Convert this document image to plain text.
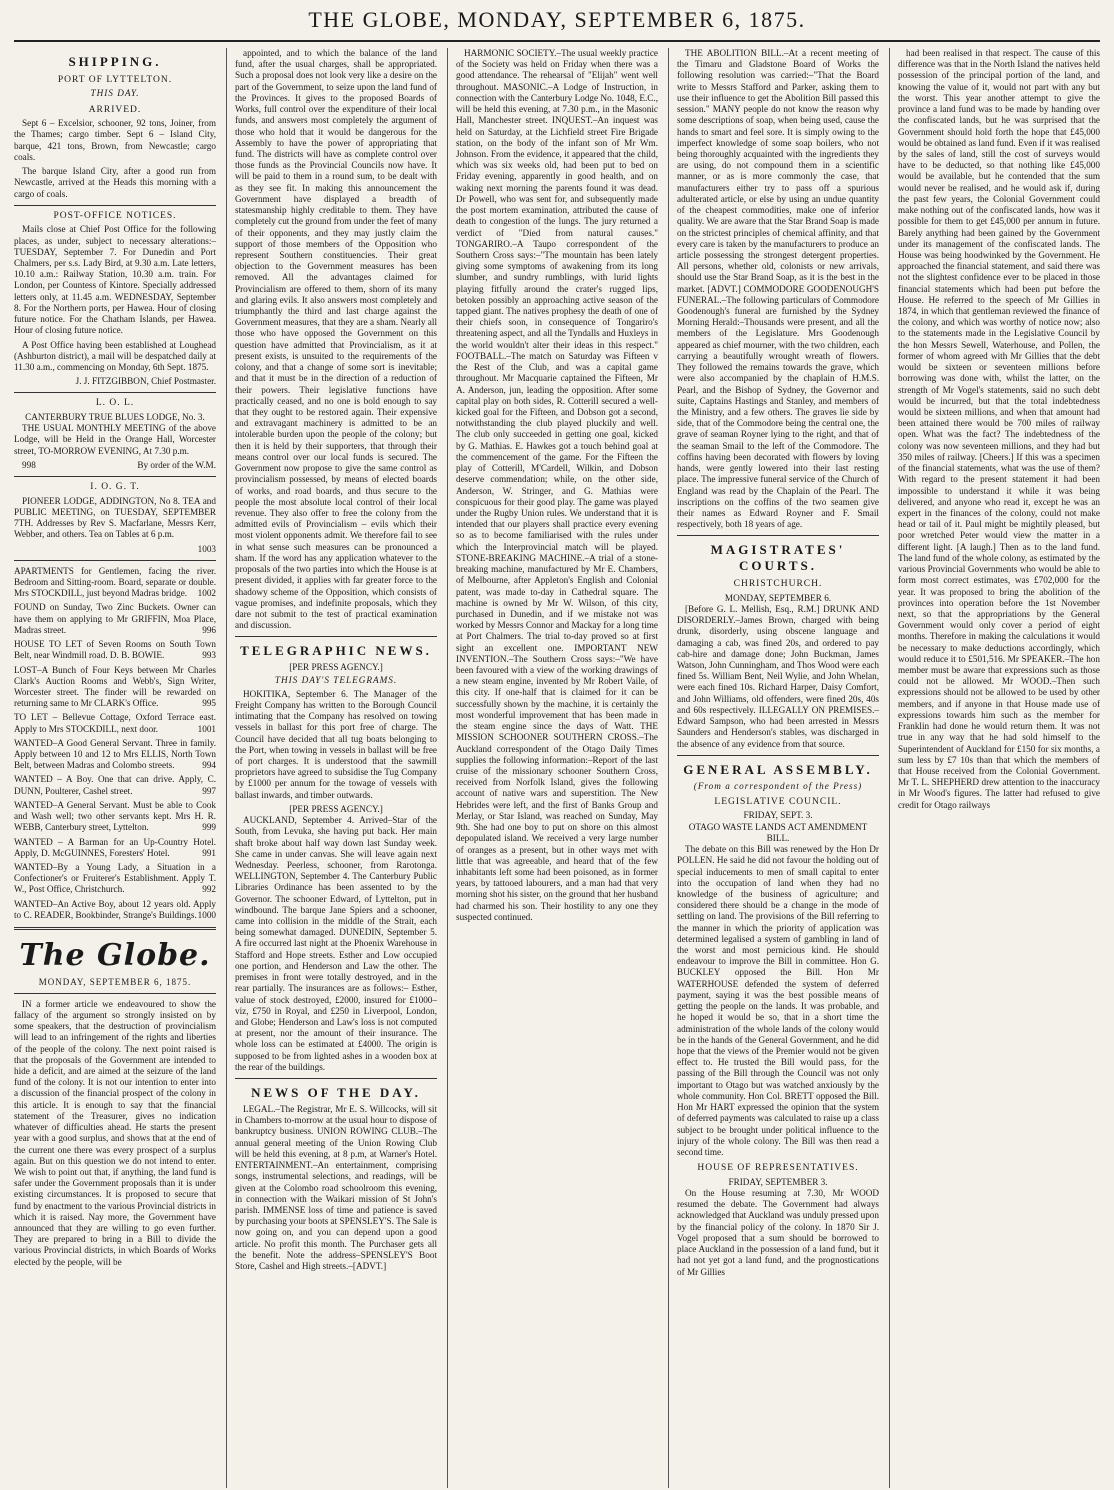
THE GLOBE, MONDAY, SEPTEMBER 6, 1875.
SHIPPING.
PORT OF LYTTELTON.
THIS DAY.
ARRIVED.

Sept 6 – Excelsior, schooner, 92 tons, Joiner, from the Thames; cargo timber. Sept 6 – Island City, barque, 421 tons, Brown, from Newcastle; cargo coals.

The barque Island City, after a good run from Newcastle, arrived at the Heads this morning with a cargo of coals.

POST-OFFICE NOTICES.

Mails close at Chief Post Office for the following places, as under, subject to necessary alterations:– TUESDAY, September 7. For Dunedin and Port Chalmers, per s.s. Lady Bird, at 9.30 a.m. Late letters, 10.10 a.m.: Railway Station, 10.30 a.m. train. For London, per Countess of Kintore. Specially addressed letters only, at 11.45 a.m. WEDNESDAY, September 8. For the Northern ports, per Hawea. Hour of closing future notice. For the Chatham Islands, per Hawea. Hour of closing future notice.

A Post Office having been established at Loughead (Ashburton district), a mail will be despatched daily at 11.30 a.m., commencing on Monday, 6th Sept. 1875.

J. J. FITZGIBBON, Chief Postmaster.

L. O. L.
CANTERBURY TRUE BLUES LODGE, No. 3.

THE USUAL MONTHLY MEETING of the above Lodge, will be Held in the Orange Hall, Worcester street, TO-MORROW EVENING, At 7.30 p.m.

998	By order of the W.M.

I. O. G. T.

PIONEER LODGE, ADDINGTON, No 8. TEA and PUBLIC MEETING, on TUESDAY, SEPTEMBER 7TH. Addresses by Rev S. Macfarlane, Messrs Kerr, Webber, and others. Tea on Tables at 6 p.m.

1003

APARTMENTS for Gentlemen, facing the river. Bedroom and Sitting-room. Board, separate or double. Mrs STOCKDILL, just beyond Madras bridge. 1002

FOUND on Sunday, Two Zinc Buckets. Owner can have them on applying to Mr GRIFFIN, Moa Place, Madras street.	996

HOUSE TO LET of Seven Rooms on South Town Belt, near Windmill road. D. B. BOWIE.	993

LOST–A Bunch of Four Keys between Mr Charles Clark's Auction Rooms and Webb's, Sign Writer, Worcester street. The finder will be rewarded on returning same to Mr CLARK's Office.	995

TO LET – Bellevue Cottage, Oxford Terrace east. Apply to Mrs STOCKDILL, next door.	1001

WANTED–A Good General Servant. Three in family. Apply between 10 and 12 to Mrs ELLIS, North Town Belt, between Madras and Colombo streets.	994

WANTED – A Boy. One that can drive. Apply, C. DUNN, Poulterer, Cashel street.	997

WANTED–A General Servant. Must be able to Cook and Wash well; two other servants kept. Mrs H. R. WEBB, Canterbury street, Lyttelton.	999

WANTED – A Barman for an Up-Country Hotel. Apply, D. McGUINNES, Foresters' Hotel.	991

WANTED–By a Young Lady, a Situation in a Confectioner's or Fruiterer's Establishment. Apply T. W., Post Office, Christchurch.	992

WANTED–An Active Boy, about 12 years old. Apply to C. READER, Bookbinder, Strange's Buildings. 1000

The Globe.
MONDAY, SEPTEMBER 6, 1875.

IN a former article we endeavoured to show the fallacy of the argument so strongly insisted on by some speakers, that the destruction of provincialism will lead to an infringement of the rights and liberties of the people of the colony. The next point raised is that the proposals of the Government are intended to hide a deficit, and are aimed at the seizure of the land fund of the colony. It is not our intention to enter into a discussion of the financial prospect of the colony in this article. It is enough to say that the financial statement of the Treasurer, gives no indication whatever of difficulties ahead. He starts the present year with a good surplus, and shows that at the end of the current one there was every prospect of a surplus again. But on this question we do not intend to enter. We wish to point out that, if anything, the land fund is safer under the Government proposals than it is under existing circumstances. It is proposed to secure that fund by enactment to the various Provincial districts in which it is raised. Nay more, the Government have announced that they are willing to go even further. They are prepared to bring in a Bill to divide the various Provincial districts, in which Boards of Works elected by the people, will be

appointed, and to which the balance of the land fund, after the usual charges, shall be appropriated. Such a proposal does not look very like a desire on the part of the Government, to seize upon the land fund of the Provinces. It gives to the proposed Boards of Works, full control over the expenditure of their local funds, and answers most completely the argument of those who hold that it would be dangerous for the Assembly to have the power of appropriating that fund. The districts will have as complete control over those funds as the Provincial Councils now have. It will be paid to them in a round sum, to be dealt with as they see fit. In making this announcement the Government have displayed a breadth of statesmanship highly creditable to them. They have completely cut the ground from under the feet of many of their opponents, and they may justly claim the support of those members of the Opposition who represent Southern constituencies. Their great objection to the Government measures has been removed. All the advantages claimed for Provincialism are offered to them, shorn of its many and glaring evils. It also answers most completely and triumphantly the third and last charge against the Government measures, that they are a sham. Nearly all those who have opposed the Government on this question have admitted that Provincialism, as it at present exists, is unsuited to the requirements of the colony, and that a change of some sort is inevitable; and that it must be in the direction of a reduction of their powers. Their legislative functions have practically ceased, and no one is bold enough to say that they ought to be restored again. Their expensive and extravagant machinery is admitted to be an intolerable burden upon the people of the colony; but then it is held by their supporters, that through their means control over our local funds is secured. The Government now propose to give the same control as provincialism possessed, by means of elected boards of works, and road boards, and thus secure to the people the most absolute local control of their local revenue. They also offer to free the colony from the admitted evils of Provincialism – evils which their most violent opponents admit. We therefore fail to see in what sense such measures can be pronounced a sham. If the word has any application whatever to the proposals of the two parties into which the House is at present divided, it applies with far greater force to the shadowy scheme of the Opposition, which consists of vague promises, and indefinite proposals, which they dare not submit to the test of practical examination and discussion.

TELEGRAPHIC NEWS.
[PER PRESS AGENCY.]
THIS DAY'S TELEGRAMS.

HOKITIKA, September 6. The Manager of the Freight Company has written to the Borough Council intimating that the Company has resolved on towing vessels in ballast for this port free of charge. The Council have decided that all tug boats belonging to the Port, when towing in vessels in ballast will be free of port charges. It is understood that the sawmill proprietors have agreed to subsidise the Tug Company by £1000 per annum for the towage of vessels with ballast inwards, and timber outwards.

[PER PRESS AGENCY.]

AUCKLAND, September 4. Arrived–Star of the South, from Levuka, she having put back. Her main shaft broke about half way down last Sunday week. She came in under canvas. She will leave again next Wednesday. Peerless, schooner, from Rarotonga. WELLINGTON, September 4. The Canterbury Public Libraries Ordinance has been assented to by the Governor. The schooner Edward, of Lyttelton, put in windbound. The barque Jane Spiers and a schooner, came into collision in the middle of the Strait, each being somewhat damaged. DUNEDIN, September 5. A fire occurred last night at the Phoenix Warehouse in Stafford and Hope streets. Esther and Low occupied one portion, and Henderson and Law the other. The premises in front were totally destroyed, and in the rear partially. The insurances are as follows:– Esther, value of stock destroyed, £2000, insured for £1000–viz, £750 in Royal, and £250 in Liverpool, London, and Globe; Henderson and Law's loss is not computed at present, nor the amount of their insurance. The whole loss can be estimated at £4000. The origin is supposed to be from lighted ashes in a wooden box at the rear of the buildings.

NEWS OF THE DAY.

LEGAL.–The Registrar, Mr E. S. Willcocks, will sit in Chambers to-morrow at the usual hour to dispose of bankruptcy business. UNION ROWING CLUB.–The annual general meeting of the Union Rowing Club will be held this evening, at 8 p.m, at Warner's Hotel. ENTERTAINMENT.–An entertainment, comprising songs, instrumental selections, and readings, will be given at the Colombo road schoolroom this evening, in connection with the Waikari mission of St John's parish. IMMENSE loss of time and patience is saved by purchasing your boots at SPENSLEY'S. The Sale is now going on, and you can depend upon a good article. No profit this month. The Purchaser gets all the benefit. Note the address–SPENSLEY'S Boot Store, Cashel and High streets.–[ADVT.]

HARMONIC SOCIETY.–The usual weekly practice of the Society was held on Friday when there was a good attendance. The rehearsal of "Elijah" went well throughout. MASONIC.–A Lodge of Instruction, in connection with the Canterbury Lodge No. 1048, E.C., will be held this evening, at 7.30 p.m., in the Masonic Hall, Manchester street. INQUEST.–An inquest was held on Saturday, at the Lichfield street Fire Brigade station, on the body of the infant son of Mr Wm. Johnson. From the evidence, it appeared that the child, which was six weeks old, had been put to bed on Friday evening, apparently in good health, and on waking next morning the parents found it was dead. Dr Powell, who was sent for, and subsequently made the post mortem examination, attributed the cause of death to congestion of the lungs. The jury returned a verdict of "Died from natural causes." TONGARIRO.–A Taupo correspondent of the Southern Cross says:–"The mountain has been lately giving some symptoms of awakening from its long slumber, and sundry rumblings, with lurid lights playing fitfully around the crater's rugged lips, betoken possibly an approaching active season of the tapped giant. The natives prophesy the death of one of their chiefs soon, in consequence of Tongariro's threatening aspect, and all the Tyndalls and Huxleys in the world wouldn't alter their ideas in this respect." FOOTBALL.–The match on Saturday was Fifteen v the Rest of the Club, and was a capital game throughout. Mr Macquarie captained the Fifteen, Mr A. Anderson, jun, leading the opposition. After some capital play on both sides, R. Cotterill secured a well-kicked goal for the Fifteen, and Dobson got a second, notwithstanding the club played pluckily and well. The club only succeeded in getting one goal, kicked by G. Mathias. E. Hawkes got a touch behind goal at the commencement of the game. For the Fifteen the play of Cotterill, M'Cardell, Wilkin, and Dobson deserve commendation; while, on the other side, Anderson, W. Stringer, and G. Mathias were conspicuous for their good play. The game was played under the Rugby Union rules. We understand that it is intended that our players shall practice every evening so as to become familiarised with the rules under which the Interprovincial match will be played. STONE-BREAKING MACHINE.–A trial of a stone-breaking machine, manufactured by Mr E. Chambers, of Melbourne, after Appleton's English and Colonial patent, was made to-day in Cathedral square. The machine is owned by Mr W. Wilson, of this city, purchased in Dunedin, and if we mistake not was worked by Messrs Connor and Mackay for a long time at Port Chalmers. The trial to-day proved so at first sight an excellent one. IMPORTANT NEW INVENTION.–The Southern Cross says:–"We have been favoured with a view of the working drawings of a new steam engine, invented by Mr Robert Vaile, of this city. If one-half that is claimed for it can be successfully shown by the machine, it is certainly the most wonderful improvement that has been made in the steam engine since the days of Watt. THE MISSION SCHOONER SOUTHERN CROSS.–The Auckland correspondent of the Otago Daily Times supplies the following information:–Report of the last cruise of the missionary schooner Southern Cross, received from Norfolk Island, gives the following account of native wars and superstition. The New Hebrides were left, and the first of Banks Group and Merlay, or Star Island, was reached on Sunday, May 9th. She had one boy to put on shore on this almost depopulated island. We received a very large number of oranges as a present, but in other ways met with little that was agreeable, and heard that of the few inhabitants left some had been poisoned, as in former years, by tattooed labourers, and a man had that very morning shot his sister, on the ground that her husband had charmed his son. Their hostility to any one they suspected continued.

THE ABOLITION BILL.–At a recent meeting of the Timaru and Gladstone Board of Works the following resolution was carried:–"That the Board write to Messrs Stafford and Parker, asking them to use their influence to get the Abolition Bill passed this session." MANY people do not know the reason why some descriptions of soap, when being used, cause the hands to smart and feel sore. It is simply owing to the imperfect knowledge of some soap boilers, who not being thoroughly acquainted with the ingredients they are using, do not compound them in a scientific manner, or as is more commonly the case, that manufacturers either try to pass off a spurious adulterated article, or else by using an undue quantity of the cheapest commodities, make one of inferior quality. We are aware that the Star Brand Soap is made on the strictest principles of chemical affinity, and that every care is taken by the manufacturers to produce an article possessing the strongest detergent properties. All persons, whether old, colonists or new arrivals, should use the Star Brand Soap, as it is the best in the market. [ADVT.] COMMODORE GOODENOUGH'S FUNERAL.–The following particulars of Commodore Goodenough's funeral are furnished by the Sydney Morning Herald:–Thousands were present, and all the members of the Legislature. Mrs Goodenough appeared as chief mourner, with the two children, each carrying a beautifully wrought wreath of flowers. They followed the remains towards the grave, which were also accompanied by the chaplain of H.M.S. Pearl, and the Bishop of Sydney, the Governor and suite, Captains Hastings and Stanley, and members of the Ministry, and a few others. The graves lie side by side, that of the Commodore being the central one, the grave of seaman Royner lying to the right, and that of the seaman Smail to the left of the Commodore. The coffins having been decorated with flowers by loving hands, were gently lowered into their last resting place. The impressive funeral service of the Church of England was read by the Chaplain of the Pearl. The inscriptions on the coffins of the two seamen give their names as Edward Royner and F. Smail respectively, both 18 years of age.

MAGISTRATES' COURTS.
CHRISTCHURCH.
MONDAY, SEPTEMBER 6.

[Before G. L. Mellish, Esq., R.M.] DRUNK AND DISORDERLY.–James Brown, charged with being drunk, disorderly, using obscene language and damaging a cab, was fined 20s, and ordered to pay cab-hire and damage done; John Buckman, James Watson, John Cunningham, and Thos Wood were each fined 5s. William Bent, Neil Wylie, and John Whelan, were each fined 10s. Richard Harper, Daisy Comfort, and John Williams, old offenders, were fined 20s, 40s and 60s respectively. ILLEGALLY ON PREMISES.–Edward Sampson, who had been arrested in Messrs Saunders and Henderson's stables, was discharged in the absence of any evidence from that source.

GENERAL ASSEMBLY.
(From a correspondent of the Press)
LEGISLATIVE COUNCIL.
FRIDAY, SEPT. 3.
OTAGO WASTE LANDS ACT AMENDMENT BILL.

The debate on this Bill was renewed by the Hon Dr POLLEN. He said he did not favour the holding out of special inducements to men of small capital to enter into the occupation of land when they had no knowledge of the business of agriculture; and considered there should be a change in the mode of settling on land. The provisions of the Bill referring to the manner in which the priority of application was determined legalised a system of gambling in land of the worst and most pernicious kind. He should endeavour to improve the Bill in committee. Hon G. BUCKLEY opposed the Bill. Hon Mr WATERHOUSE defended the system of deferred payment, saying it was the best possible means of getting the people on the lands. It was probable, and he hoped it would be so, that in a short time the administration of the whole lands of the colony would be in the hands of the General Government, and he did hope that the views of the Premier would not be given effect to. He trusted the Bill would pass, for the passing of the Bill through the Council was not only important to Otago but was watched anxiously by the whole community. Hon Col. BRETT opposed the Bill. Hon Mr HART expressed the opinion that the system of deferred payments was calculated to raise up a class subject to be brought under political influence to the injury of the whole colony. The Bill was then read a second time.

HOUSE OF REPRESENTATIVES.
FRIDAY, SEPTEMBER 3.

On the House resuming at 7.30, Mr WOOD resumed the debate. The Government had always acknowledged that Auckland was unduly pressed upon by the financial policy of the colony. In 1870 Sir J. Vogel proposed that a sum should be borrowed to place Auckland in the possession of a land fund, but it had not yet got a land fund, and the prognostications of Mr Gillies

had been realised in that respect. The cause of this difference was that in the North Island the natives held possession of the principal portion of the land, and knowing the value of it, would not part with any but the worst. This year another attempt to give the province a land fund was to be made by handing over the confiscated lands, but he was surprised that the Government should hold forth the hope that £45,000 would be obtained as land fund. Even if it was realised by the sales of land, still the cost of surveys would have to be deducted, so that nothing like £45,000 would be available, but he contended that the sum would never be realised, and he would ask if, during the past few years, the Colonial Government could make nothing out of the confiscated lands, how was it possible for them to get £45,000 per annum in future. Barely anything had been gained by the Government under its management of the confiscated lands. The House was being hoodwinked by the Government. He approached the financial statement, and said there was not the slightest confidence ever to be placed in those financial statements which had been put before the House. He referred to the speech of Mr Gillies in 1874, in which that gentleman reviewed the finance of the colony, and which was worthy of notice now; also to the statements made in the Legislative Council by the hon Messrs Sewell, Waterhouse, and Pollen, the former of whom agreed with Mr Gillies that the debt would be sixteen or seventeen millions before borrowing was done with, whilst the latter, on the strength of Mr Vogel's statements, said no such debt would be incurred, but that the total indebtedness would be sixteen millions, and when that amount had been attained there would be 700 miles of railway open. What was the fact? The indebtedness of the colony was now seventeen millions, and they had but 350 miles of railway. [Cheers.] If this was a specimen of the financial statements, what was the use of them? With regard to the present statement it had been impossible to understand it while it was being delivered, and anyone who read it, except he was an expert in the finances of the colony, could not make head or tail of it. Paul might be mightily pleased, but poor wretched Peter would view the matter in a different light. [A laugh.] Then as to the land fund. The land fund of the whole colony, as estimated by the various Provincial Governments who would be able to form most correct estimates, was £702,000 for the year. It was proposed to bring the abolition of the provinces into operation before the 1st November next, so that the appropriations by the General Government would only cover a period of eight months. Therefore in making the calculations it would be necessary to make deductions accordingly, which would reduce it to £501,516. Mr SPEAKER.–The hon member must be aware that expressions such as those could not be allowed. Mr WOOD.–Then such expressions should not be allowed to be used by other members, and if anyone in that House made use of expressions towards him such as the member for Franklin had done he would return them. It was not true in any way that he had sold himself to the Superintendent of Auckland for £150 for six months, a sum less by £7 10s than that which the members of that House received from the Colonial Government. Mr T. L. SHEPHERD drew attention to the inaccuracy in Mr Wood's figures. The latter had refused to give credit for Otago railways
